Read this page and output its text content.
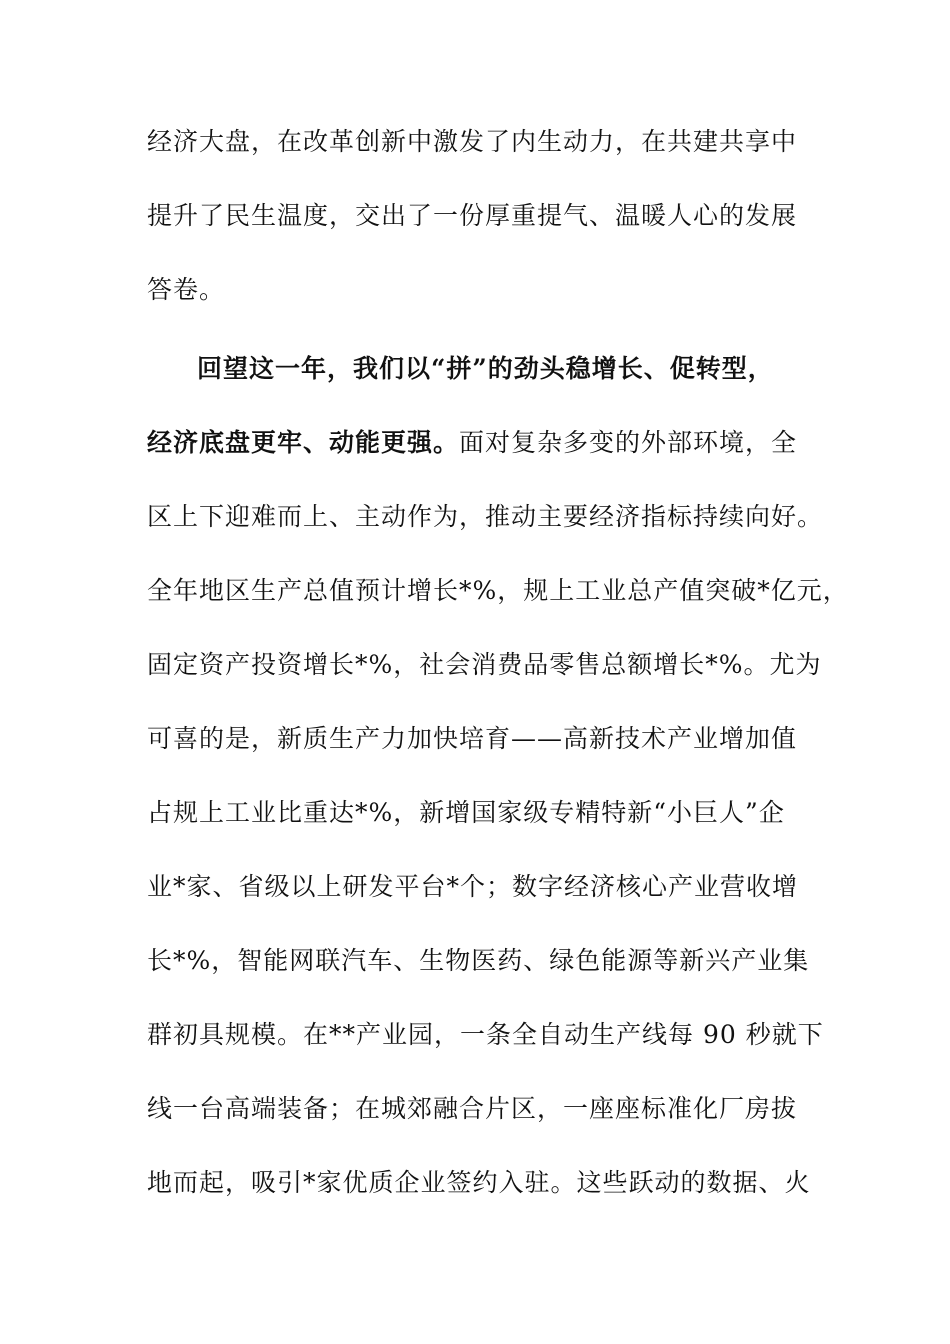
经济大盘，在改革创新中激发了内生动力，在共建共享中
提升了民生温度，交出了一份厚重提气、温暖人心的发展
答卷。
回望这一年，我们以“拼”的劲头稳增长、促转型，
经济底盘更牢、动能更强。面对复杂多变的外部环境，全
区上下迎难而上、主动作为，推动主要经济指标持续向好。
全年地区生产总值预计增长*%，规上工业总产值突破*亿元，
固定资产投资增长*%，社会消费品零售总额增长*%。尤为
可喜的是，新质生产力加快培育——高新技术产业增加值
占规上工业比重达*%，新增国家级专精特新“小巨人”企
业*家、省级以上研发平台*个；数字经济核心产业营收增
长*%，智能网联汽车、生物医药、绿色能源等新兴产业集
群初具规模。在**产业园，一条全自动生产线每 90 秒就下
线一台高端装备；在城郊融合片区，一座座标准化厂房拔
地而起，吸引*家优质企业签约入驻。这些跃动的数据、火
